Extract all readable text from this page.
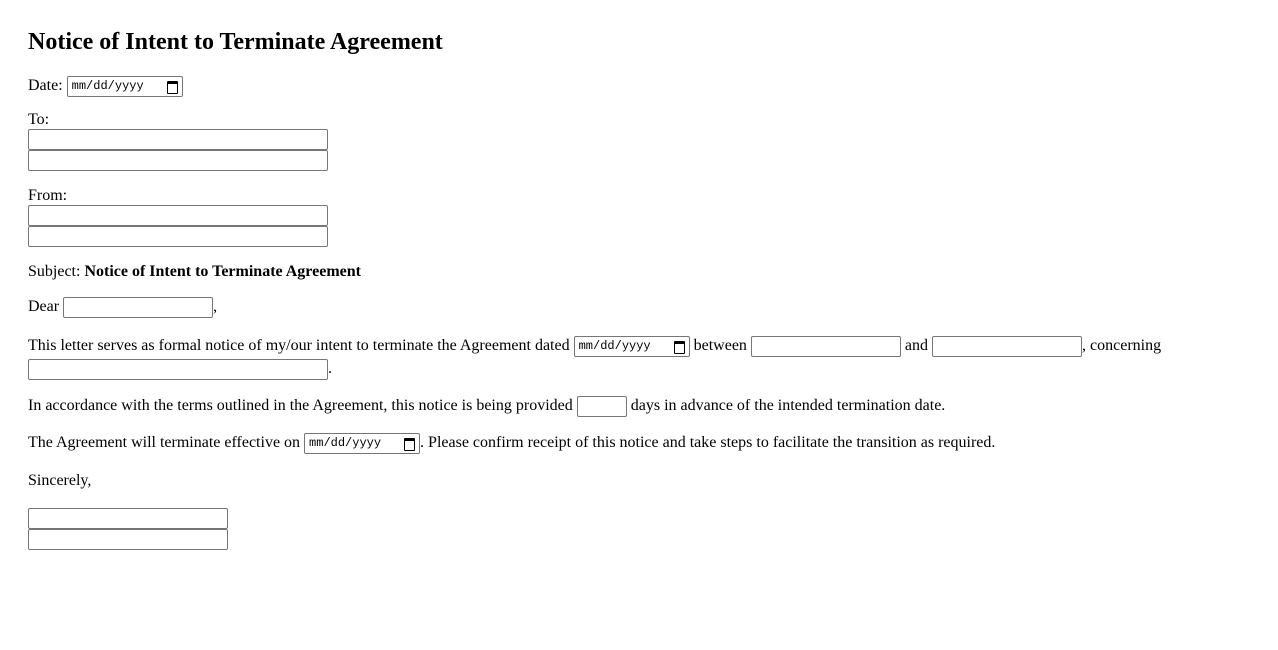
Notice of Intent to Terminate Agreement
Date: mm/dd/yyyy
To:
From:
Subject: Notice of Intent to Terminate Agreement
Dear	,
This letter serves as formal notice of my/our intent to terminate the Agreement dated mm/dd/yyyy	between	and	, concerning
.
In accordance with the terms outlined in the Agreement, this notice is being provided	days in advance of the intended termination date.
The Agreement will terminate effective on mm/dd/yyyy . Please confirm receipt of this notice and take steps to facilitate the transition as required.
Sincerely,
